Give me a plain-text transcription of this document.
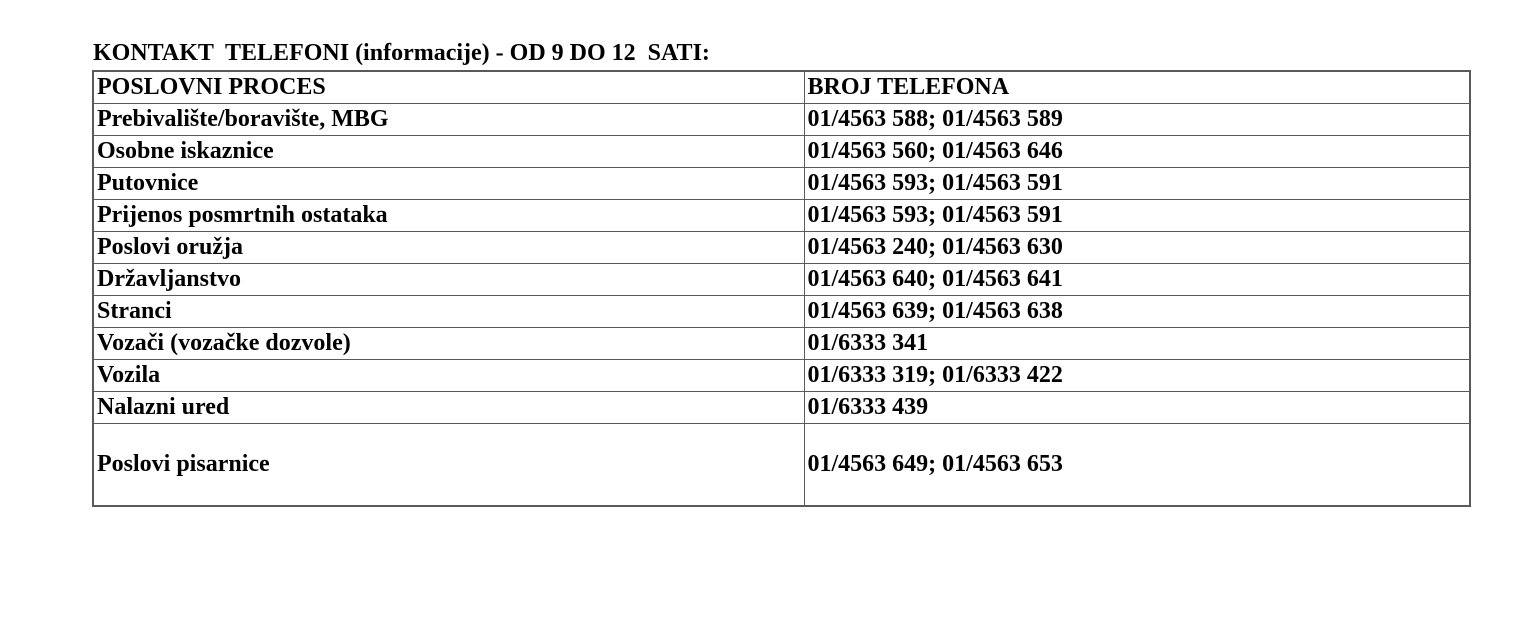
KONTAKT  TELEFONI (informacije) - OD 9 DO 12  SATI:
POSLOVNI PROCES	BROJ TELEFONA
Prebivalište/boravište, MBG	01/4563 588; 01/4563 589
Osobne iskaznice	01/4563 560; 01/4563 646
Putovnice	01/4563 593; 01/4563 591
Prijenos posmrtnih ostataka	01/4563 593; 01/4563 591
Poslovi oružja	01/4563 240; 01/4563 630
Državljanstvo	01/4563 640; 01/4563 641
Stranci	01/4563 639; 01/4563 638
Vozači (vozačke dozvole)	01/6333 341
Vozila	01/6333 319; 01/6333 422
Nalazni ured	01/6333 439
Poslovi pisarnice	01/4563 649; 01/4563 653
